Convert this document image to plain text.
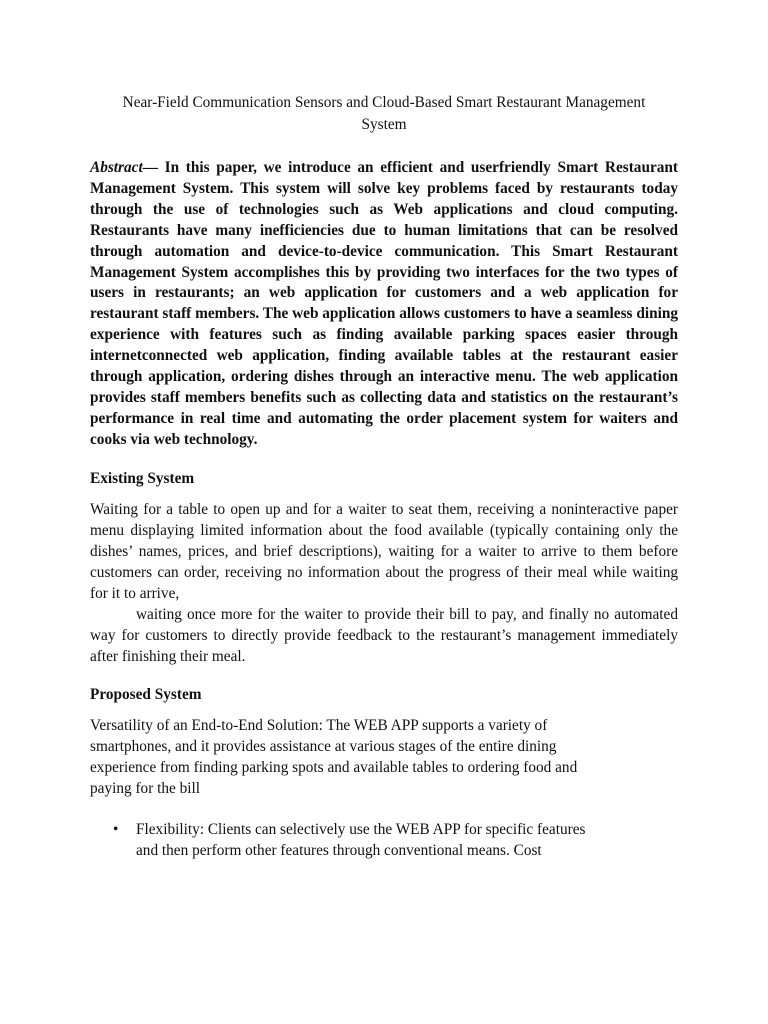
Near-Field Communication Sensors and Cloud-Based Smart Restaurant Management System
Abstract— In this paper, we introduce an efficient and userfriendly Smart Restaurant Management System. This system will solve key problems faced by restaurants today through the use of technologies such as Web applications and cloud computing. Restaurants have many inefficiencies due to human limitations that can be resolved through automation and device-to-device communication. This Smart Restaurant Management System accomplishes this by providing two interfaces for the two types of users in restaurants; an web application for customers and a web application for restaurant staff members. The web application allows customers to have a seamless dining experience with features such as finding available parking spaces easier through internetconnected web application, finding available tables at the restaurant easier through application, ordering dishes through an interactive menu. The web application provides staff members benefits such as collecting data and statistics on the restaurant’s performance in real time and automating the order placement system for waiters and cooks via web technology.
Existing System
Waiting for a table to open up and for a waiter to seat them, receiving a noninteractive paper menu displaying limited information about the food available (typically containing only the dishes’ names, prices, and brief descriptions), waiting for a waiter to arrive to them before customers can order, receiving no information about the progress of their meal while waiting for it to arrive,
waiting once more for the waiter to provide their bill to pay, and finally no automated way for customers to directly provide feedback to the restaurant’s management immediately after finishing their meal.
Proposed System
Versatility of an End-to-End Solution: The WEB APP supports a variety of
smartphones, and it provides assistance at various stages of the entire dining
experience from finding parking spots and available tables to ordering food and
paying for the bill
• Flexibility: Clients can selectively use the WEB APP for specific features
and then perform other features through conventional means. Cost
